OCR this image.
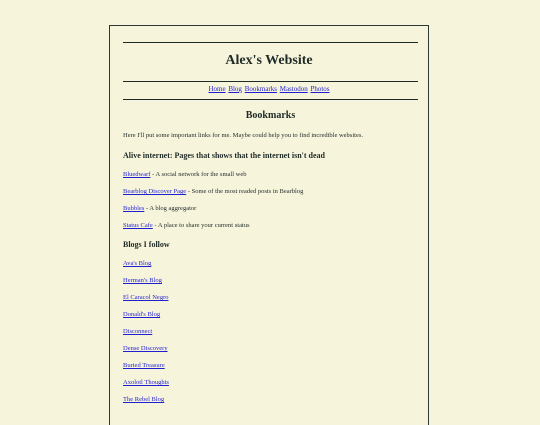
Alex's Website
Home Blog Bookmarks Mastodon Photos
Bookmarks
Here I'll put some important links for me. Maybe could help you to find incredible websites.
Alive internet: Pages that shows that the internet isn't dead
Bluedwarf - A social network for the small web
Bearblog Discover Page - Some of the most readed posts in Bearblog
Bubbles - A blog aggregator
Status Cafe - A place to share your current status
Blogs I follow
Ava's Blog
Herman's Blog
El Caracol Negro
Donald's Blog
Disconnect
Dense Discovery
Buried Treasure
Axolotl Thoughts
The Rebel Blog
